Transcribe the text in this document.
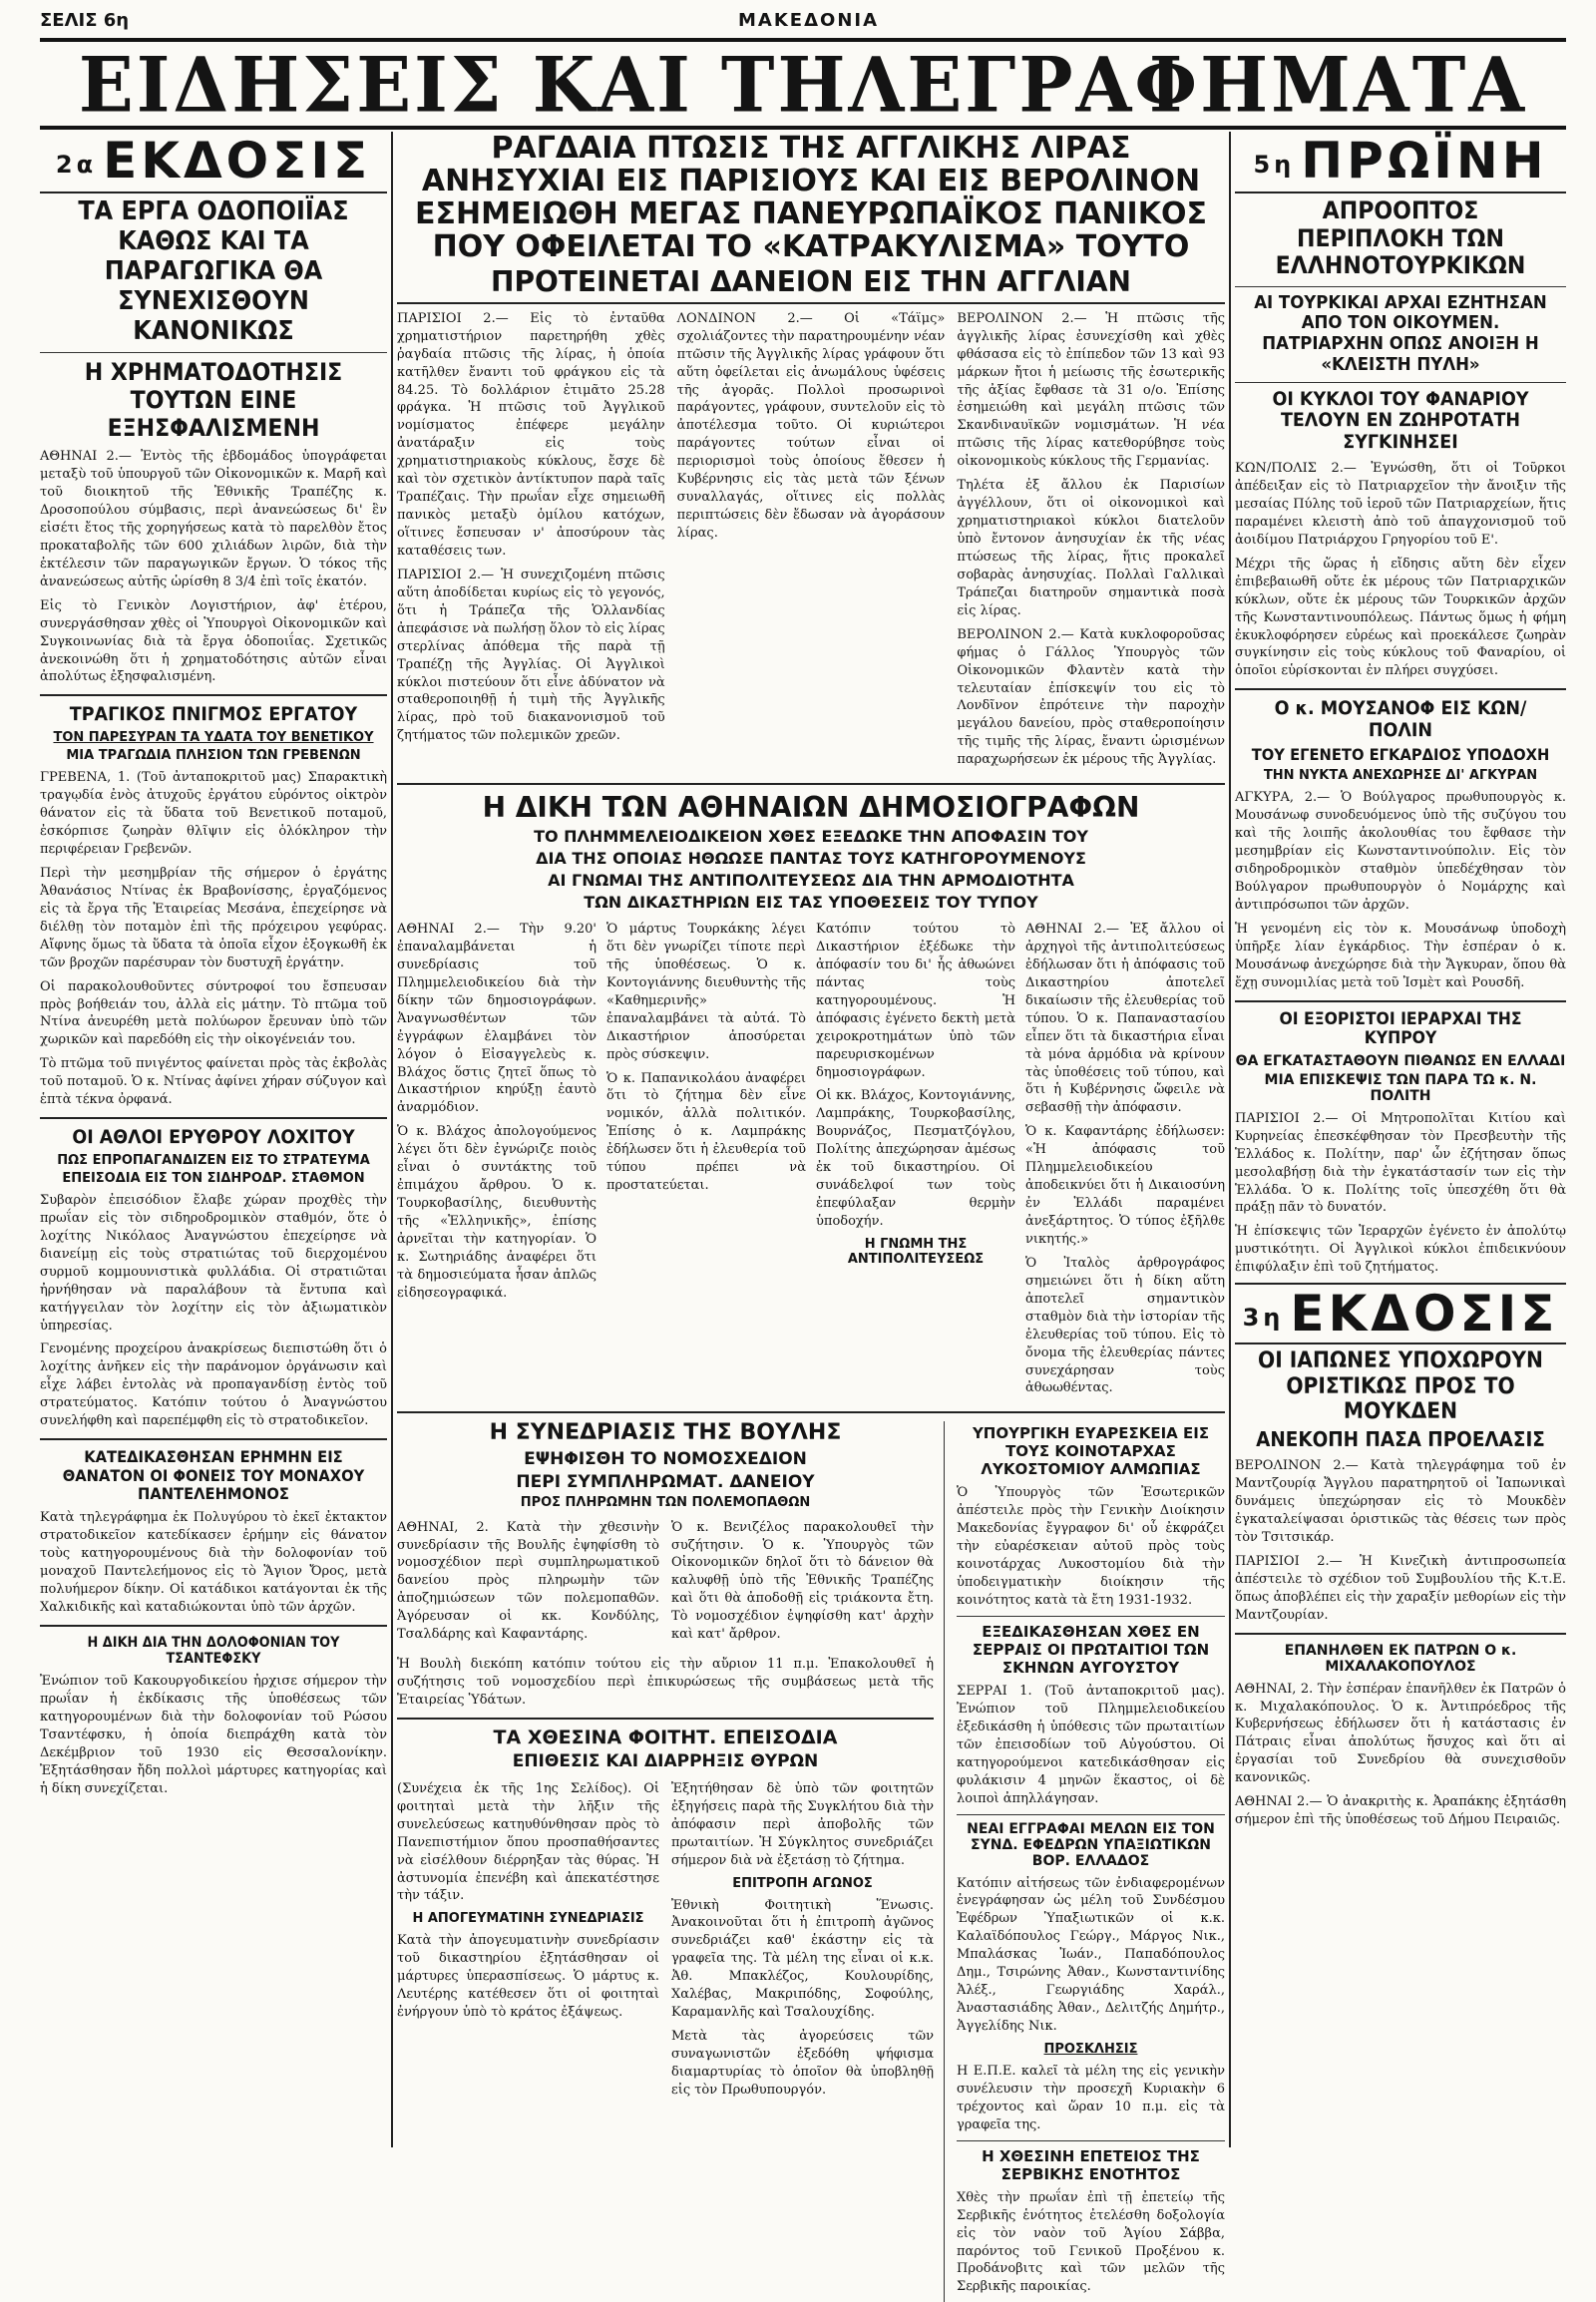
ΣΕΛΙΣ 6η	ΜΑΚΕΔΟΝΙΑ
ΕΙΔΗΣΕΙΣ ΚΑΙ ΤΗΛΕΓΡΑΦΗΜΑΤΑ
2α ΕΚΔΟΣΙΣ

ΤΑ ΕΡΓΑ ΟΔΟΠΟΙΪΑΣ ΚΑΘΩΣ ΚΑΙ ΤΑ ΠΑΡΑΓΩΓΙΚΑ ΘΑ ΣΥΝΕΧΙΣΘΟΥΝ ΚΑΝΟΝΙΚΩΣ

Η ΧΡΗΜΑΤΟΔΟΤΗΣΙΣ ΤΟΥΤΩΝ ΕΙΝΕ ΕΞΗΣΦΑΛΙΣΜΕΝΗ

ΑΘΗΝΑΙ 2.— Ἐντὸς τῆς ἑβδομάδος ὑπογράφεται μεταξὺ τοῦ ὑπουργοῦ τῶν Οἰκονομικῶν κ. Μαρῆ καὶ τοῦ διοικητοῦ τῆς Ἐθνικῆς Τραπέζης κ. Δροσοπούλου σύμβασις, περὶ ἀνανεώσεως δι' ἓν εἰσέτι ἔτος τῆς χορηγήσεως κατὰ τὸ παρελθὸν ἔτος προκαταβολῆς τῶν 600 χιλιάδων λιρῶν, διὰ τὴν ἐκτέλεσιν τῶν παραγωγικῶν ἔργων. Ὁ τόκος τῆς ἀνανεώσεως αὐτῆς ὡρίσθη 8 3/4 ἐπὶ τοῖς ἑκατόν.

Εἰς τὸ Γενικὸν Λογιστήριον, ἀφ' ἑτέρου, συνεργάσθησαν χθὲς οἱ Ὑπουργοὶ Οἰκονομικῶν καὶ Συγκοινωνίας διὰ τὰ ἔργα ὁδοποιΐας. Σχετικῶς ἀνεκοινώθη ὅτι ἡ χρηματοδότησις αὐτῶν εἶναι ἀπολύτως ἐξησφαλισμένη.

ΤΡΑΓΙΚΟΣ ΠΝΙΓΜΟΣ ΕΡΓΑΤΟΥ

ΤΟΝ ΠΑΡΕΣΥΡΑΝ ΤΑ ΥΔΑΤΑ ΤΟΥ ΒΕΝΕΤΙΚΟΥ

ΜΙΑ ΤΡΑΓΩΔΙΑ ΠΛΗΣΙΟΝ ΤΩΝ ΓΡΕΒΕΝΩΝ

ΓΡΕΒΕΝΑ, 1. (Τοῦ ἀνταποκριτοῦ μας) Σπαρακτικὴ τραγῳδία ἐνὸς ἀτυχοῦς ἐργάτου εὑρόντος οἰκτρὸν θάνατον εἰς τὰ ὕδατα τοῦ Βενετικοῦ ποταμοῦ, ἐσκόρπισε ζωηρὰν θλῖψιν εἰς ὁλόκληρον τὴν περιφέρειαν Γρεβενῶν.

Περὶ τὴν μεσημβρίαν τῆς σήμερον ὁ ἐργάτης Ἀθανάσιος Ντίνας ἐκ Βραβονίσσης, ἐργαζόμενος εἰς τὰ ἔργα τῆς Ἑταιρείας Μεσάνα, ἐπεχείρησε νὰ διέλθῃ τὸν ποταμὸν ἐπὶ τῆς πρόχειρου γεφύρας. Αἴφνης ὅμως τὰ ὕδατα τὰ ὁποῖα εἶχον ἐξογκωθῆ ἐκ τῶν βροχῶν παρέσυραν τὸν δυστυχῆ ἐργάτην.

Οἱ παρακολουθοῦντες σύντροφοί του ἔσπευσαν πρὸς βοήθειάν του, ἀλλὰ εἰς μάτην. Τὸ πτῶμα τοῦ Ντίνα ἀνευρέθη μετὰ πολύωρον ἔρευναν ὑπὸ τῶν χωρικῶν καὶ παρεδόθη εἰς τὴν οἰκογένειάν του.

Τὸ πτῶμα τοῦ πνιγέντος φαίνεται πρὸς τὰς ἐκβολὰς τοῦ ποταμοῦ. Ὁ κ. Ντίνας ἀφίνει χήραν σύζυγον καὶ ἑπτὰ τέκνα ὀρφανά.

ΟΙ ΑΘΛΟΙ ΕΡΥΘΡΟΥ ΛΟΧΙΤΟΥ

ΠΩΣ ΕΠΡΟΠΑΓΑΝΔΙΖΕΝ ΕΙΣ ΤΟ ΣΤΡΑΤΕΥΜΑ

ΕΠΕΙΣΟΔΙΑ ΕΙΣ ΤΟΝ ΣΙΔΗΡΟΔΡ. ΣΤΑΘΜΟΝ

Συβαρὸν ἐπεισόδιον ἔλαβε χώραν προχθὲς τὴν πρωΐαν εἰς τὸν σιδηροδρομικὸν σταθμόν, ὅτε ὁ λοχίτης Νικόλαος Ἀναγνώστου ἐπεχείρησε νὰ διανείμῃ εἰς τοὺς στρατιώτας τοῦ διερχομένου συρμοῦ κομμουνιστικὰ φυλλάδια. Οἱ στρατιῶται ἠρνήθησαν νὰ παραλάβουν τὰ ἔντυπα καὶ κατήγγειλαν τὸν λοχίτην εἰς τὸν ἀξιωματικὸν ὑπηρεσίας.

Γενομένης προχείρου ἀνακρίσεως διεπιστώθη ὅτι ὁ λοχίτης ἀνῆκεν εἰς τὴν παράνομον ὀργάνωσιν καὶ εἶχε λάβει ἐντολὰς νὰ προπαγανδίσῃ ἐντὸς τοῦ στρατεύματος. Κατόπιν τούτου ὁ Ἀναγνώστου συνελήφθη καὶ παρεπέμφθη εἰς τὸ στρατοδικεῖον.

ΚΑΤΕΔΙΚΑΣΘΗΣΑΝ ΕΡΗΜΗΝ ΕΙΣ ΘΑΝΑΤΟΝ ΟΙ ΦΟΝΕΙΣ ΤΟΥ ΜΟΝΑΧΟΥ ΠΑΝΤΕΛΕΗΜΟΝΟΣ

Κατὰ τηλεγράφημα ἐκ Πολυγύρου τὸ ἐκεῖ ἐκτακτον στρατοδικεῖον κατεδίκασεν ἐρήμην εἰς θάνατον τοὺς κατηγορουμένους διὰ τὴν δολοφονίαν τοῦ μοναχοῦ Παντελεήμονος εἰς τὸ Ἅγιον Ὄρος, μετὰ πολυήμερον δίκην. Οἱ κατάδικοι κατάγονται ἐκ τῆς Χαλκιδικῆς καὶ καταδιώκονται ὑπὸ τῶν ἀρχῶν.

Η ΔΙΚΗ ΔΙΑ ΤΗΝ ΔΟΛΟΦΟΝΙΑΝ ΤΟΥ ΤΣΑΝΤΕΦΣΚΥ

Ἐνώπιον τοῦ Κακουργοδικείου ἠρχισε σήμερον τὴν πρωΐαν ἡ ἐκδίκασις τῆς ὑποθέσεως τῶν κατηγορουμένων διὰ τὴν δολοφονίαν τοῦ Ρώσου Τσαντέφσκυ, ἡ ὁποία διεπράχθη κατὰ τὸν Δεκέμβριον τοῦ 1930 εἰς Θεσσαλονίκην. Ἐξητάσθησαν ἤδη πολλοὶ μάρτυρες κατηγορίας καὶ ἡ δίκη συνεχίζεται.

ΡΑΓΔΑΙΑ ΠΤΩΣΙΣ ΤΗΣ ΑΓΓΛΙΚΗΣ ΛΙΡΑΣ

ΑΝΗΣΥΧΙΑΙ ΕΙΣ ΠΑΡΙΣΙΟΥΣ ΚΑΙ ΕΙΣ ΒΕΡΟΛΙΝΟΝ

ΕΣΗΜΕΙΩΘΗ ΜΕΓΑΣ ΠΑΝΕΥΡΩΠΑΪΚΟΣ ΠΑΝΙΚΟΣ

ΠΟΥ ΟΦΕΙΛΕΤΑΙ ΤΟ «ΚΑΤΡΑΚΥΛΙΣΜΑ» ΤΟΥΤΟ

ΠΡΟΤΕΙΝΕΤΑΙ ΔΑΝΕΙΟΝ ΕΙΣ ΤΗΝ ΑΓΓΛΙΑΝ

ΠΑΡΙΣΙΟΙ 2.— Εἰς τὸ ἐνταῦθα χρηματιστήριον παρετηρήθη χθὲς ῥαγδαία πτῶσις τῆς λίρας, ἡ ὁποία κατῆλθεν ἔναντι τοῦ φράγκου εἰς τὰ 84.25. Τὸ δολλάριον ἐτιμᾶτο 25.28 φράγκα. Ἡ πτῶσις τοῦ Ἀγγλικοῦ νομίσματος ἐπέφερε μεγάλην ἀνατάραξιν εἰς τοὺς χρηματιστηριακοὺς κύκλους, ἔσχε δὲ καὶ τὸν σχετικὸν ἀντίκτυπον παρὰ ταῖς Τραπέζαις. Τὴν πρωΐαν εἶχε σημειωθῆ πανικὸς μεταξὺ ὁμίλου κατόχων, οἵτινες ἔσπευσαν ν' ἀποσύρουν τὰς καταθέσεις των.

ΠΑΡΙΣΙΟΙ 2.— Ἡ συνεχιζομένη πτῶσις αὕτη ἀποδίδεται κυρίως εἰς τὸ γεγονός, ὅτι ἡ Τράπεζα τῆς Ὁλλανδίας ἀπεφάσισε νὰ πωλήσῃ ὅλον τὸ εἰς λίρας στερλίνας ἀπόθεμα τῆς παρὰ τῇ Τραπέζῃ τῆς Ἀγγλίας. Οἱ Ἀγγλικοὶ κύκλοι πιστεύουν ὅτι εἶνε ἀδύνατον νὰ σταθεροποιηθῇ ἡ τιμὴ τῆς Ἀγγλικῆς λίρας, πρὸ τοῦ διακανονισμοῦ τοῦ ζητήματος τῶν πολεμικῶν χρεῶν.

ΛΟΝΔΙΝΟΝ 2.— Οἱ «Τάϊμς» σχολιάζοντες τὴν παρατηρουμένην νέαν πτῶσιν τῆς Ἀγγλικῆς λίρας γράφουν ὅτι αὕτη ὀφείλεται εἰς ἀνωμάλους ὑφέσεις τῆς ἀγορᾶς. Πολλοὶ προσωρινοὶ παράγοντες, γράφουν, συντελοῦν εἰς τὸ ἀποτέλεσμα τοῦτο. Οἱ κυριώτεροι παράγοντες τούτων εἶναι οἱ περιορισμοὶ τοὺς ὁποίους ἔθεσεν ἡ Κυβέρνησις εἰς τὰς μετὰ τῶν ξένων συναλλαγάς, οἵτινες εἰς πολλὰς περιπτώσεις δὲν ἔδωσαν νὰ ἀγοράσουν λίρας.

ΒΕΡΟΛΙΝΟΝ 2.— Ἡ πτῶσις τῆς ἀγγλικῆς λίρας ἐσυνεχίσθη καὶ χθὲς φθάσασα εἰς τὸ ἐπίπεδον τῶν 13 καὶ 93 μάρκων ἤτοι ἡ μείωσις τῆς ἐσωτερικῆς τῆς ἀξίας ἔφθασε τὰ 31 ο/ο. Ἐπίσης ἐσημειώθη καὶ μεγάλη πτῶσις τῶν Σκανδιναυϊκῶν νομισμάτων. Ἡ νέα πτῶσις τῆς λίρας κατεθορύβησε τοὺς οἰκονομικοὺς κύκλους τῆς Γερμανίας.

Τηλέτα ἐξ ἄλλου ἐκ Παρισίων ἀγγέλλουν, ὅτι οἱ οἰκονομικοὶ καὶ χρηματιστηριακοὶ κύκλοι διατελοῦν ὑπὸ ἔντονον ἀνησυχίαν ἐκ τῆς νέας πτώσεως τῆς λίρας, ἥτις προκαλεῖ σοβαρὰς ἀνησυχίας. Πολλαὶ Γαλλικαὶ Τράπεζαι διατηροῦν σημαντικὰ ποσὰ εἰς λίρας.

ΒΕΡΟΛΙΝΟΝ 2.— Κατὰ κυκλοφοροῦσας φήμας ὁ Γάλλος Ὑπουργὸς τῶν Οἰκονομικῶν Φλαντὲν κατὰ τὴν τελευταίαν ἐπίσκεψίν του εἰς τὸ Λονδῖνον ἐπρότεινε τὴν παροχὴν μεγάλου δανείου, πρὸς σταθεροποίησιν τῆς τιμῆς τῆς λίρας, ἔναντι ὡρισμένων παραχωρήσεων ἐκ μέρους τῆς Ἀγγλίας.

Η ΔΙΚΗ ΤΩΝ ΑΘΗΝΑΙΩΝ ΔΗΜΟΣΙΟΓΡΑΦΩΝ

ΤΟ ΠΛΗΜΜΕΛΕΙΟΔΙΚΕΙΟΝ ΧΘΕΣ ΕΞΕΔΩΚΕ ΤΗΝ ΑΠΟΦΑΣΙΝ ΤΟΥ

ΔΙΑ ΤΗΣ ΟΠΟΙΑΣ ΗΘΩΩΣΕ ΠΑΝΤΑΣ ΤΟΥΣ ΚΑΤΗΓΟΡΟΥΜΕΝΟΥΣ

ΑΙ ΓΝΩΜΑΙ ΤΗΣ ΑΝΤΙΠΟΛΙΤΕΥΣΕΩΣ ΔΙΑ ΤΗΝ ΑΡΜΟΔΙΟΤΗΤΑ

ΤΩΝ ΔΙΚΑΣΤΗΡΙΩΝ ΕΙΣ ΤΑΣ ΥΠΟΘΕΣΕΙΣ ΤΟΥ ΤΥΠΟΥ

ΑΘΗΝΑΙ 2.— Τὴν 9.20' ἐπαναλαμβάνεται ἡ συνεδρίασις τοῦ Πλημμελειοδικείου διὰ τὴν δίκην τῶν δημοσιογράφων. Ἀναγνωσθέντων τῶν ἐγγράφων ἐλαμβάνει τὸν λόγον ὁ Εἰσαγγελεὺς κ. Βλάχος ὅστις ζητεῖ ὅπως τὸ Δικαστήριον κηρύξῃ ἑαυτὸ ἀναρμόδιον.

Ὁ κ. Βλάχος ἀπολογούμενος λέγει ὅτι δὲν ἐγνώριζε ποιὸς εἶναι ὁ συντάκτης τοῦ ἐπιμάχου ἄρθρου. Ὁ κ. Τουρκοβασίλης, διευθυντὴς τῆς «Ἑλληνικῆς», ἐπίσης ἀρνεῖται τὴν κατηγορίαν. Ὁ κ. Σωτηριάδης ἀναφέρει ὅτι τὰ δημοσιεύματα ἦσαν ἀπλῶς εἰδησεογραφικά.

Ὁ μάρτυς Τουρκάκης λέγει ὅτι δὲν γνωρίζει τίποτε περὶ τῆς ὑποθέσεως. Ὁ κ. Κοντογιάννης διευθυντὴς τῆς «Καθημερινῆς» ἐπαναλαμβάνει τὰ αὐτά. Τὸ Δικαστήριον ἀποσύρεται πρὸς σύσκεψιν.

Ὁ κ. Παπανικολάου ἀναφέρει ὅτι τὸ ζήτημα δὲν εἶνε νομικόν, ἀλλὰ πολιτικόν. Ἐπίσης ὁ κ. Λαμπράκης ἐδήλωσεν ὅτι ἡ ἐλευθερία τοῦ τύπου πρέπει νὰ προστατεύεται.

Κατόπιν τούτου τὸ Δικαστήριον ἐξέδωκε τὴν ἀπόφασίν του δι' ἧς ἀθωώνει πάντας τοὺς κατηγορουμένους. Ἡ ἀπόφασις ἐγένετο δεκτὴ μετὰ χειροκροτημάτων ὑπὸ τῶν παρευρισκομένων δημοσιογράφων.

Οἱ κκ. Βλάχος, Κοντογιάννης, Λαμπράκης, Τουρκοβασίλης, Βουρνάζος, Πεσματζόγλου, Πολίτης ἀπεχώρησαν ἀμέσως ἐκ τοῦ δικαστηρίου. Οἱ συνάδελφοί των τοὺς ἐπεφύλαξαν θερμὴν ὑποδοχήν.

Η ΓΝΩΜΗ ΤΗΣ ΑΝΤΙΠΟΛΙΤΕΥΣΕΩΣ

ΑΘΗΝΑΙ 2.— Ἐξ ἄλλου οἱ ἀρχηγοὶ τῆς ἀντιπολιτεύσεως ἐδήλωσαν ὅτι ἡ ἀπόφασις τοῦ Δικαστηρίου ἀποτελεῖ δικαίωσιν τῆς ἐλευθερίας τοῦ τύπου. Ὁ κ. Παπαναστασίου εἶπεν ὅτι τὰ δικαστήρια εἶναι τὰ μόνα ἁρμόδια νὰ κρίνουν τὰς ὑποθέσεις τοῦ τύπου, καὶ ὅτι ἡ Κυβέρνησις ὤφειλε νὰ σεβασθῇ τὴν ἀπόφασιν.

Ὁ κ. Καφαντάρης ἐδήλωσεν: «Ἡ ἀπόφασις τοῦ Πλημμελειοδικείου ἀποδεικνύει ὅτι ἡ Δικαιοσύνη ἐν Ἑλλάδι παραμένει ἀνεξάρτητος. Ὁ τύπος ἐξῆλθε νικητής.»

Ὁ Ἰταλὸς ἀρθρογράφος σημειώνει ὅτι ἡ δίκη αὕτη ἀποτελεῖ σημαντικὸν σταθμὸν διὰ τὴν ἱστορίαν τῆς ἐλευθερίας τοῦ τύπου. Εἰς τὸ ὄνομα τῆς ἐλευθερίας πάντες συνεχάρησαν τοὺς ἀθωωθέντας.

Η ΣΥΝΕΔΡΙΑΣΙΣ ΤΗΣ ΒΟΥΛΗΣ

ΕΨΗΦΙΣΘΗ ΤΟ ΝΟΜΟΣΧΕΔΙΟΝ

ΠΕΡΙ ΣΥΜΠΛΗΡΩΜΑΤ. ΔΑΝΕΙΟΥ

ΠΡΟΣ ΠΛΗΡΩΜΗΝ ΤΩΝ ΠΟΛΕΜΟΠΑΘΩΝ

ΑΘΗΝΑΙ, 2. Κατὰ τὴν χθεσινὴν συνεδρίασιν τῆς Βουλῆς ἐψηφίσθη τὸ νομοσχέδιον περὶ συμπληρωματικοῦ δανείου πρὸς πληρωμὴν τῶν ἀποζημιώσεων τῶν πολεμοπαθῶν. Ἀγόρευσαν οἱ κκ. Κονδύλης, Τσαλδάρης καὶ Καφαντάρης.

Ὁ κ. Βενιζέλος παρακολουθεῖ τὴν συζήτησιν. Ὁ κ. Ὑπουργὸς τῶν Οἰκονομικῶν δηλοῖ ὅτι τὸ δάνειον θὰ καλυφθῇ ὑπὸ τῆς Ἐθνικῆς Τραπέζης καὶ ὅτι θὰ ἀποδοθῇ εἰς τριάκοντα ἔτη. Τὸ νομοσχέδιον ἐψηφίσθη κατ' ἀρχὴν καὶ κατ' ἄρθρον.

Ἡ Βουλὴ διεκόπη κατόπιν τούτου εἰς τὴν αὔριον 11 π.μ. Ἐπακολουθεῖ ἡ συζήτησις τοῦ νομοσχεδίου περὶ ἐπικυρώσεως τῆς συμβάσεως μετὰ τῆς Ἑταιρείας Ὑδάτων.

ΤΑ ΧΘΕΣΙΝΑ ΦΟΙΤΗΤ. ΕΠΕΙΣΟΔΙΑ

ΕΠΙΘΕΣΙΣ ΚΑΙ ΔΙΑΡΡΗΞΙΣ ΘΥΡΩΝ

(Συνέχεια ἐκ τῆς 1ης Σελίδος). Οἱ φοιτηταὶ μετὰ τὴν λῆξιν τῆς συνελεύσεως κατηυθύνθησαν πρὸς τὸ Πανεπιστήμιον ὅπου προσπαθήσαντες νὰ εἰσέλθουν διέρρηξαν τὰς θύρας. Ἡ ἀστυνομία ἐπενέβη καὶ ἀπεκατέστησε τὴν τάξιν.

Η ΑΠΟΓΕΥΜΑΤΙΝΗ ΣΥΝΕΔΡΙΑΣΙΣ

Κατὰ τὴν ἀπογευματινὴν συνεδρίασιν τοῦ δικαστηρίου ἐξητάσθησαν οἱ μάρτυρες ὑπερασπίσεως. Ὁ μάρτυς κ. Λευτέρης κατέθεσεν ὅτι οἱ φοιτηταὶ ἐνήργουν ὑπὸ τὸ κράτος ἐξάψεως.

Ἐξητήθησαν δὲ ὑπὸ τῶν φοιτητῶν ἐξηγήσεις παρὰ τῆς Συγκλήτου διὰ τὴν ἀπόφασιν περὶ ἀποβολῆς τῶν πρωταιτίων. Ἡ Σύγκλητος συνεδριάζει σήμερον διὰ νὰ ἐξετάσῃ τὸ ζήτημα.

ΕΠΙΤΡΟΠΗ ΑΓΩΝΟΣ

Ἐθνικὴ Φοιτητικὴ Ἕνωσις. Ἀνακοινοῦται ὅτι ἡ ἐπιτροπὴ ἀγῶνος συνεδριάζει καθ' ἑκάστην εἰς τὰ γραφεῖα της. Τὰ μέλη της εἶναι οἱ κ.κ. Ἀθ. Μπακλέζος, Κουλουρίδης, Χαλέβας, Μακριπόδης, Σοφούλης, Καραμανλῆς καὶ Τσαλουχίδης.

Μετὰ τὰς ἀγορεύσεις τῶν συναγωνιστῶν ἐξεδόθη ψήφισμα διαμαρτυρίας τὸ ὁποῖον θὰ ὑποβληθῇ εἰς τὸν Πρωθυπουργόν.

ΥΠΟΥΡΓΙΚΗ ΕΥΑΡΕΣΚΕΙΑ ΕΙΣ ΤΟΥΣ ΚΟΙΝΟΤΑΡΧΑΣ ΛΥΚΟΣΤΟΜΙΟΥ ΑΛΜΩΠΙΑΣ

Ὁ Ὑπουργὸς τῶν Ἐσωτερικῶν ἀπέστειλε πρὸς τὴν Γενικὴν Διοίκησιν Μακεδονίας ἔγγραφον δι' οὗ ἐκφράζει τὴν εὐαρέσκειαν αὐτοῦ πρὸς τοὺς κοινοτάρχας Λυκοστομίου διὰ τὴν ὑποδειγματικὴν διοίκησιν τῆς κοινότητος κατὰ τὰ ἔτη 1931-1932.

ΕΞΕΔΙΚΑΣΘΗΣΑΝ ΧΘΕΣ ΕΝ ΣΕΡΡΑΙΣ ΟΙ ΠΡΩΤΑΙΤΙΟΙ ΤΩΝ ΣΚΗΝΩΝ ΑΥΓΟΥΣΤΟΥ

ΣΕΡΡΑΙ 1. (Τοῦ ἀνταποκριτοῦ μας). Ἐνώπιον τοῦ Πλημμελειοδικείου ἐξεδικάσθη ἡ ὑπόθεσις τῶν πρωταιτίων τῶν ἐπεισοδίων τοῦ Αὐγούστου. Οἱ κατηγορούμενοι κατεδικάσθησαν εἰς φυλάκισιν 4 μηνῶν ἕκαστος, οἱ δὲ λοιποὶ ἀπηλλάγησαν.

ΝΕΑΙ ΕΓΓΡΑΦΑΙ ΜΕΛΩΝ ΕΙΣ ΤΟΝ ΣΥΝΔ. ΕΦΕΔΡΩΝ ΥΠΑΞΙΩΤΙΚΩΝ ΒΟΡ. ΕΛΛΑΔΟΣ

Κατόπιν αἰτήσεως τῶν ἐνδιαφερομένων ἐνεγράφησαν ὡς μέλη τοῦ Συνδέσμου Ἐφέδρων Ὑπαξιωτικῶν οἱ κ.κ. Καλαϊδόπουλος Γεώργ., Μάργος Νικ., Μπαλάσκας Ἰωάν., Παπαδόπουλος Δημ., Τσιρώνης Ἀθαν., Κωνσταντινίδης Ἀλέξ., Γεωργιάδης Χαράλ., Ἀναστασιάδης Ἀθαν., Δελιτζής Δημήτρ., Ἀγγελίδης Νικ.

ΠΡΟΣΚΛΗΣΙΣ

Η Ε.Π.Ε. καλεῖ τὰ μέλη της εἰς γενικὴν συνέλευσιν τὴν προσεχῆ Κυριακὴν 6 τρέχοντος καὶ ὥραν 10 π.μ. εἰς τὰ γραφεῖα της.

Η ΧΘΕΣΙΝΗ ΕΠΕΤΕΙΟΣ ΤΗΣ ΣΕΡΒΙΚΗΣ ΕΝΟΤΗΤΟΣ

Χθὲς τὴν πρωΐαν ἐπὶ τῇ ἐπετείῳ τῆς Σερβικῆς ἑνότητος ἐτελέσθη δοξολογία εἰς τὸν ναὸν τοῦ Ἁγίου Σάββα, παρόντος τοῦ Γενικοῦ Προξένου κ. Προδάνοβιτς καὶ τῶν μελῶν τῆς Σερβικῆς παροικίας.

5η ΠΡΩΪΝΗ

ΑΠΡΟΟΠΤΟΣ ΠΕΡΙΠΛΟΚΗ ΤΩΝ ΕΛΛΗΝΟΤΟΥΡΚΙΚΩΝ

ΑΙ ΤΟΥΡΚΙΚΑΙ ΑΡΧΑΙ ΕΖΗΤΗΣΑΝ ΑΠΟ ΤΟΝ ΟΙΚΟΥΜΕΝ. ΠΑΤΡΙΑΡΧΗΝ ΟΠΩΣ ΑΝΟΙΞΗ Η «ΚΛΕΙΣΤΗ ΠΥΛΗ»

ΟΙ ΚΥΚΛΟΙ ΤΟΥ ΦΑΝΑΡΙΟΥ ΤΕΛΟΥΝ ΕΝ ΖΩΗΡΟΤΑΤΗ ΣΥΓΚΙΝΗΣΕΙ

ΚΩΝ/ΠΟΛΙΣ 2.— Ἐγνώσθη, ὅτι οἱ Τοῦρκοι ἀπέδειξαν εἰς τὸ Πατριαρχεῖον τὴν ἄνοιξιν τῆς μεσαίας Πύλης τοῦ ἱεροῦ τῶν Πατριαρχείων, ἥτις παραμένει κλειστὴ ἀπὸ τοῦ ἀπαγχονισμοῦ τοῦ ἀοιδίμου Πατριάρχου Γρηγορίου τοῦ Ε'.

Μέχρι τῆς ὥρας ἡ εἴδησις αὕτη δὲν εἶχεν ἐπιβεβαιωθῆ οὔτε ἐκ μέρους τῶν Πατριαρχικῶν κύκλων, οὔτε ἐκ μέρους τῶν Τουρκικῶν ἀρχῶν τῆς Κωνσταντινουπόλεως. Πάντως ὅμως ἡ φήμη ἐκυκλοφόρησεν εὐρέως καὶ προεκάλεσε ζωηρὰν συγκίνησιν εἰς τοὺς κύκλους τοῦ Φαναρίου, οἱ ὁποῖοι εὑρίσκονται ἐν πλήρει συγχύσει.

Ο κ. ΜΟΥΣΑΝΟΦ ΕΙΣ ΚΩΝ/ΠΟΛΙΝ

ΤΟΥ ΕΓΕΝΕΤΟ ΕΓΚΑΡΔΙΟΣ ΥΠΟΔΟΧΗ

ΤΗΝ ΝΥΚΤΑ ΑΝΕΧΩΡΗΣΕ ΔΙ' ΑΓΚΥΡΑΝ

ΑΓΚΥΡΑ, 2.— Ὁ Βούλγαρος πρωθυπουργὸς κ. Μουσάνωφ συνοδευόμενος ὑπὸ τῆς συζύγου του καὶ τῆς λοιπῆς ἀκολουθίας του ἔφθασε τὴν μεσημβρίαν εἰς Κωνσταντινούπολιν. Εἰς τὸν σιδηροδρομικὸν σταθμὸν ὑπεδέχθησαν τὸν Βούλγαρον πρωθυπουργὸν ὁ Νομάρχης καὶ ἀντιπρόσωποι τῶν ἀρχῶν.

Ἡ γενομένη εἰς τὸν κ. Μουσάνωφ ὑποδοχὴ ὑπῆρξε λίαν ἐγκάρδιος. Τὴν ἑσπέραν ὁ κ. Μουσάνωφ ἀνεχώρησε διὰ τὴν Ἄγκυραν, ὅπου θὰ ἔχῃ συνομιλίας μετὰ τοῦ Ἰσμὲτ καὶ Ρουσδῆ.

ΟΙ ΕΞΟΡΙΣΤΟΙ ΙΕΡΑΡΧΑΙ ΤΗΣ ΚΥΠΡΟΥ

ΘΑ ΕΓΚΑΤΑΣΤΑΘΟΥΝ ΠΙΘΑΝΩΣ ΕΝ ΕΛΛΑΔΙ

ΜΙΑ ΕΠΙΣΚΕΨΙΣ ΤΩΝ ΠΑΡΑ ΤΩ κ. Ν. ΠΟΛΙΤΗ

ΠΑΡΙΣΙΟΙ 2.— Οἱ Μητροπολῖται Κιτίου καὶ Κυρηνείας ἐπεσκέφθησαν τὸν Πρεσβευτὴν τῆς Ἑλλάδος κ. Πολίτην, παρ' ὧν ἐζήτησαν ὅπως μεσολαβήσῃ διὰ τὴν ἐγκατάστασίν των εἰς τὴν Ἑλλάδα. Ὁ κ. Πολίτης τοῖς ὑπεσχέθη ὅτι θὰ πράξῃ πᾶν τὸ δυνατόν.

Ἡ ἐπίσκεψις τῶν Ἱεραρχῶν ἐγένετο ἐν ἀπολύτῳ μυστικότητι. Οἱ Ἀγγλικοὶ κύκλοι ἐπιδεικνύουν ἐπιφύλαξιν ἐπὶ τοῦ ζητήματος.

3η ΕΚΔΟΣΙΣ

ΟΙ ΙΑΠΩΝΕΣ ΥΠΟΧΩΡΟΥΝ ΟΡΙΣΤΙΚΩΣ ΠΡΟΣ ΤΟ ΜΟΥΚΔΕΝ

ΑΝΕΚΟΠΗ ΠΑΣΑ ΠΡΟΕΛΑΣΙΣ

ΒΕΡΟΛΙΝΟΝ 2.— Κατὰ τηλεγράφημα τοῦ ἐν Μαντζουρίᾳ Ἄγγλου παρατηρητοῦ οἱ Ἰαπωνικαὶ δυνάμεις ὑπεχώρησαν εἰς τὸ Μουκδὲν ἐγκαταλείψασαι ὁριστικῶς τὰς θέσεις των πρὸς τὸν Τσιτσικάρ.

ΠΑΡΙΣΙΟΙ 2.— Ἡ Κινεζικὴ ἀντιπροσωπεία ἀπέστειλε τὸ σχέδιον τοῦ Συμβουλίου τῆς Κ.τ.Ε. ὅπως ἀποβλέπει εἰς τὴν χαραξίν μεθορίων εἰς τὴν Μαντζουρίαν.

ΕΠΑΝΗΛΘΕΝ ΕΚ ΠΑΤΡΩΝ Ο κ. ΜΙΧΑΛΑΚΟΠΟΥΛΟΣ

ΑΘΗΝΑΙ, 2. Τὴν ἑσπέραν ἐπανῆλθεν ἐκ Πατρῶν ὁ κ. Μιχαλακόπουλος. Ὁ κ. Ἀντιπρόεδρος τῆς Κυβερνήσεως ἐδήλωσεν ὅτι ἡ κατάστασις ἐν Πάτραις εἶναι ἀπολύτως ἥσυχος καὶ ὅτι αἱ ἐργασίαι τοῦ Συνεδρίου θὰ συνεχισθοῦν κανονικῶς.

ΑΘΗΝΑΙ 2.— Ὁ ἀνακριτὴς κ. Ἀραπάκης ἐξητάσθη σήμερον ἐπὶ τῆς ὑποθέσεως τοῦ Δήμου Πειραιῶς.
